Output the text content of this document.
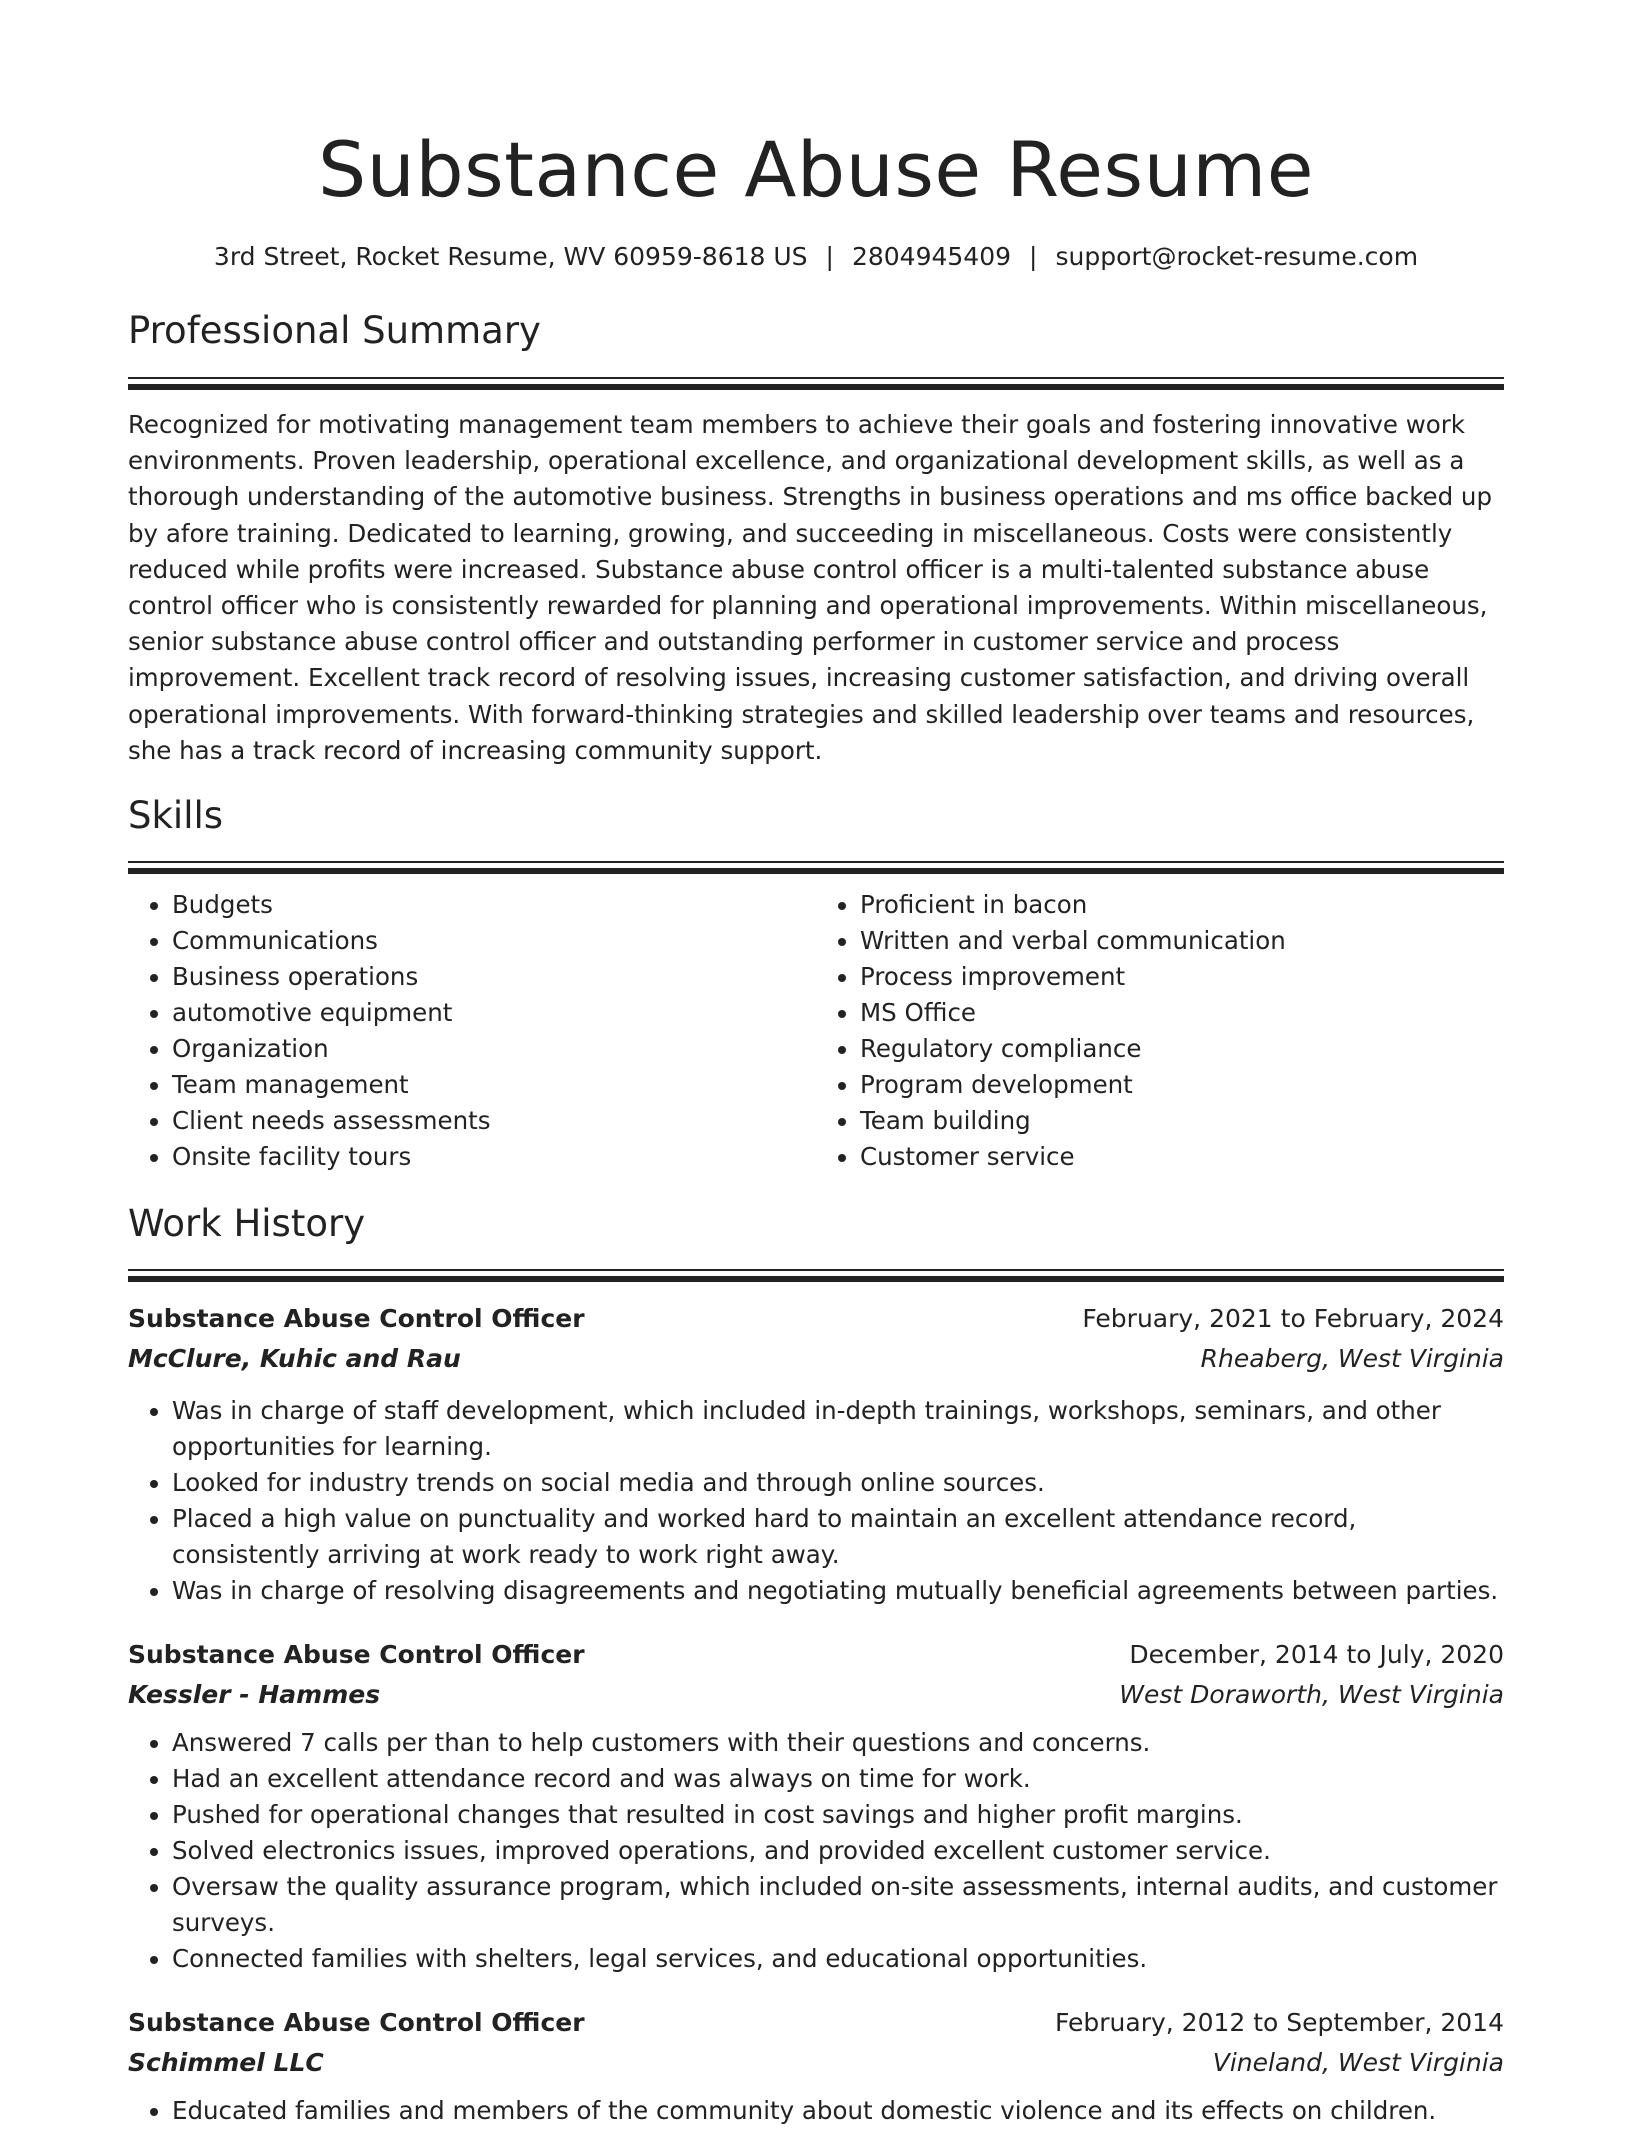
Substance Abuse Resume
3rd Street, Rocket Resume, WV 60959-8618 US | 2804945409 | support@rocket-resume.com
Professional Summary

Recognized for motivating management team members to achieve their goals and fostering innovative work environments. Proven leadership, operational excellence, and organizational development skills, as well as a thorough understanding of the automotive business. Strengths in business operations and ms office backed up by afore training. Dedicated to learning, growing, and succeeding in miscellaneous. Costs were consistently reduced while profits were increased. Substance abuse control officer is a multi-talented substance abuse control officer who is consistently rewarded for planning and operational improvements. Within miscellaneous, senior substance abuse control officer and outstanding performer in customer service and process improvement. Excellent track record of resolving issues, increasing customer satisfaction, and driving overall operational improvements. With forward-thinking strategies and skilled leadership over teams and resources, she has a track record of increasing community support.

Skills
• Budgets
• Communications
• Business operations
• automotive equipment
• Organization
• Team management
• Client needs assessments
• Onsite facility tours
• Proficient in bacon
• Written and verbal communication
• Process improvement
• MS Office
• Regulatory compliance
• Program development
• Team building
• Customer service
Work History
Substance Abuse Control Officer	February, 2021 to February, 2024
McClure, Kuhic and Rau	Rheaberg, West Virginia
• Was in charge of staff development, which included in-depth trainings, workshops, seminars, and other opportunities for learning.
• Looked for industry trends on social media and through online sources.
• Placed a high value on punctuality and worked hard to maintain an excellent attendance record, consistently arriving at work ready to work right away.
• Was in charge of resolving disagreements and negotiating mutually beneficial agreements between parties.
Substance Abuse Control Officer	December, 2014 to July, 2020
Kessler - Hammes	West Doraworth, West Virginia
• Answered 7 calls per than to help customers with their questions and concerns.
• Had an excellent attendance record and was always on time for work.
• Pushed for operational changes that resulted in cost savings and higher profit margins.
• Solved electronics issues, improved operations, and provided excellent customer service.
• Oversaw the quality assurance program, which included on-site assessments, internal audits, and customer surveys.
• Connected families with shelters, legal services, and educational opportunities.
Substance Abuse Control Officer	February, 2012 to September, 2014
Schimmel LLC	Vineland, West Virginia
• Educated families and members of the community about domestic violence and its effects on children.
